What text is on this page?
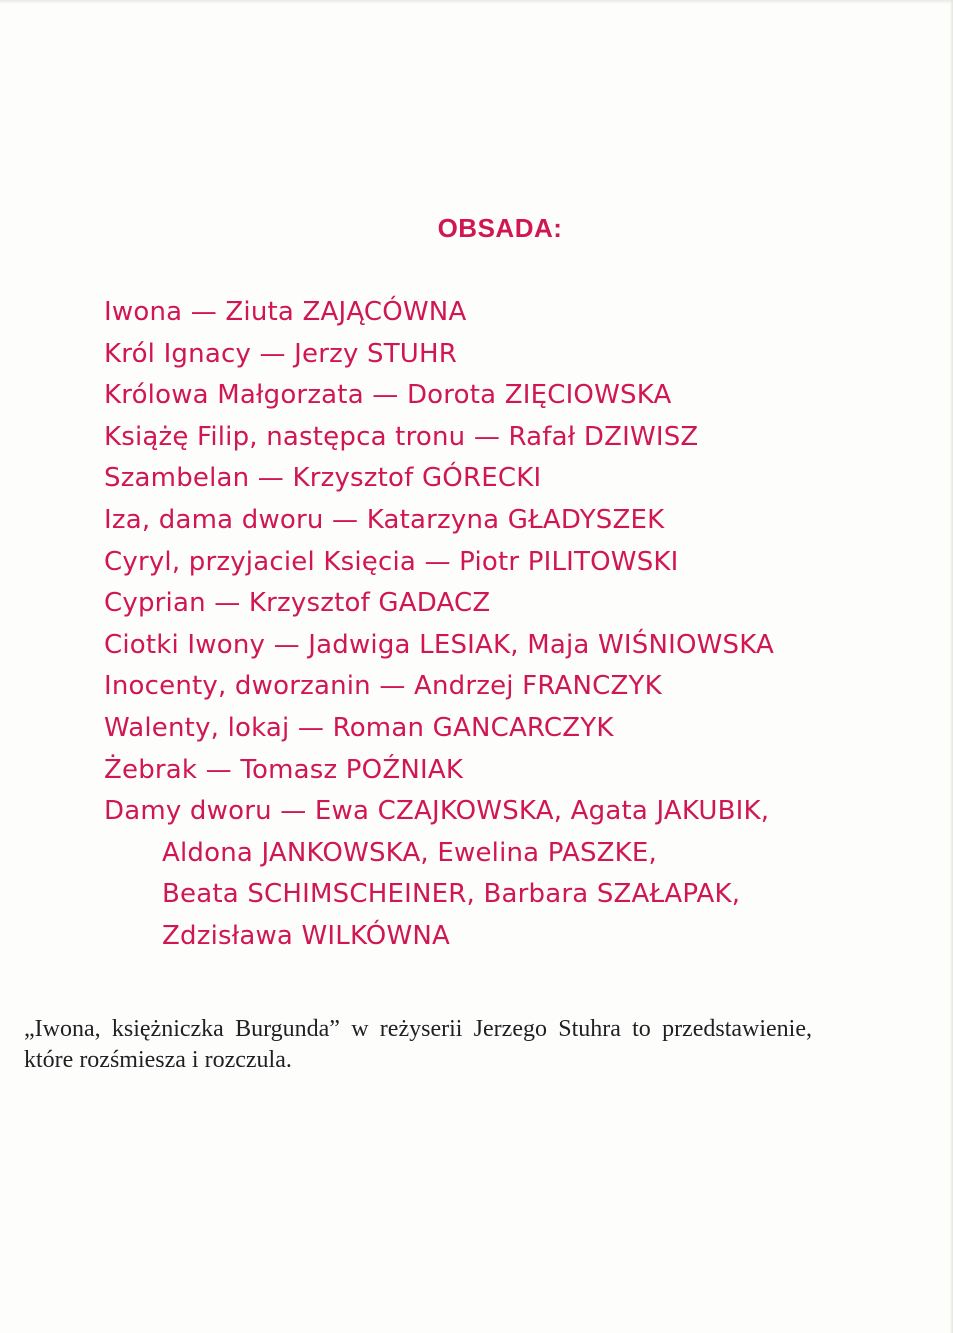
OBSADA:
Iwona — Ziuta ZAJĄCÓWNA
Król Ignacy — Jerzy STUHR
Królowa Małgorzata — Dorota ZIĘCIOWSKA
Książę Filip, następca tronu — Rafał DZIWISZ
Szambelan — Krzysztof GÓRECKI
Iza, dama dworu — Katarzyna GŁADYSZEK
Cyryl, przyjaciel Księcia — Piotr PILITOWSKI
Cyprian — Krzysztof GADACZ
Ciotki Iwony — Jadwiga LESIAK, Maja WIŚNIOWSKA
Inocenty, dworzanin — Andrzej FRANCZYK
Walenty, lokaj — Roman GANCARCZYK
Żebrak — Tomasz POŹNIAK
Damy dworu — Ewa CZAJKOWSKA, Agata JAKUBIK,
Aldona JANKOWSKA, Ewelina PASZKE,
Beata SCHIMSCHEINER, Barbara SZAŁAPAK,
Zdzisława WILKÓWNA

„Iwona, księżniczka Burgunda” w reżyserii Jerzego Stuhra to przedstawienie, które rozśmiesza i rozczula.
